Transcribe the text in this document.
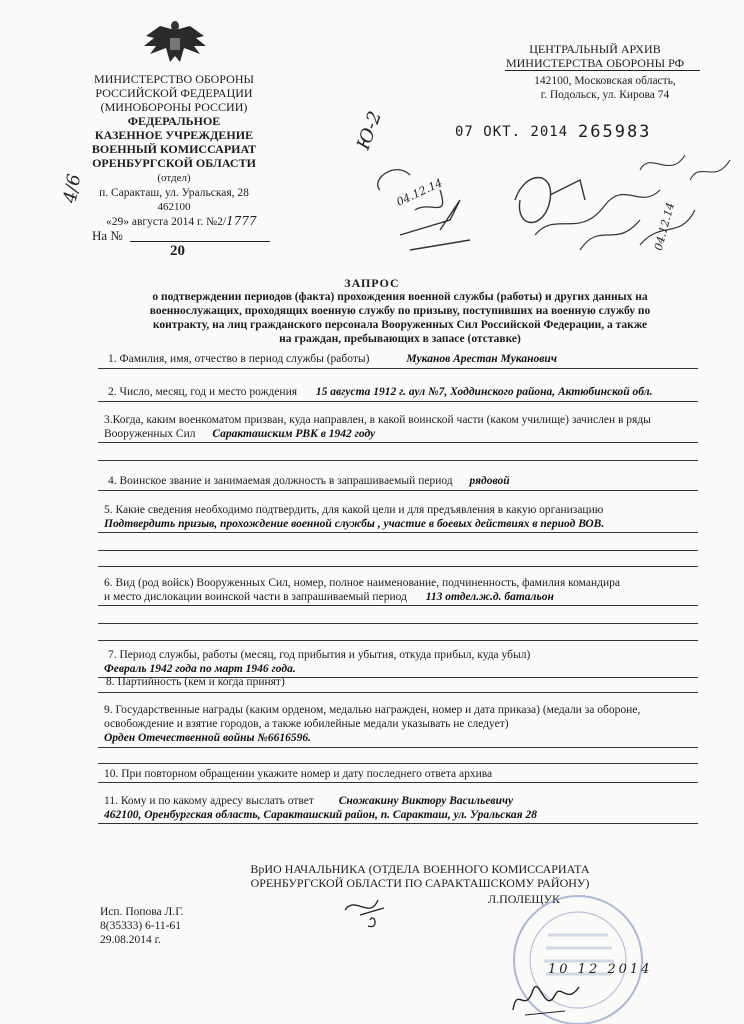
МИНИСТЕРСТВО ОБОРОНЫ
РОССИЙСКОЙ ФЕДЕРАЦИИ
(МИНОБОРОНЫ РОССИИ)
ФЕДЕРАЛЬНОЕ
КАЗЕННОЕ УЧРЕЖДЕНИЕ
ВОЕННЫЙ КОМИССАРИАТ
ОРЕНБУРГСКОЙ ОБЛАСТИ
(отдел)
п. Саракташ, ул. Уральская, 28
462100
«29» августа 2014 г. №2/1777
На №
20
4/6
ЦЕНТРАЛЬНЫЙ АРХИВ
МИНИСТЕРСТВА ОБОРОНЫ РФ
142100, Московская область,
г. Подольск, ул. Кирова 74
07 ОКТ. 2014 265983
Ю-2
04.12.14
04.12.14
ЗАПРОС
о подтверждении периодов (факта) прохождения военной службы (работы) и других данных на
военнослужащих, проходящих военную службу по призыву, поступивших на военную службу по
контракту, на лиц гражданского персонала Вооруженных Сил Российской Федерации, а также
на граждан, пребывающих в запасе (отставке)
1. Фамилия, имя, отчество в период службы (работы)	Муканов Арестан Муканович
2. Число, месяц, год и место рождения 15 августа 1912 г. аул №7, Ходдинского района, Актюбинской обл.
3.Когда, каким военкоматом призван, куда направлен, в какой воинской части (каком училище) зачислен в ряды
Вооруженных Сил Саракташским РВК в 1942 году
4. Воинское звание и занимаемая должность в запрашиваемый период рядовой
5. Какие сведения необходимо подтвердить, для какой цели и для предъявления в какую организацию
Подтвердить призыв, прохождение военной службы , участие в боевых действиях в период ВОВ.
6. Вид (род войск) Вооруженных Сил, номер, полное наименование, подчиненность, фамилия командира
и место дислокации воинской части в запрашиваемый период 113 отдел.ж.д. батальон
7. Период службы, работы (месяц, год прибытия и убытия, откуда прибыл, куда убыл)
Февраль 1942 года по март 1946 года.
8. Партийность (кем и когда принят)
9. Государственные награды (каким орденом, медалью награжден, номер и дата приказа) (медали за обороне,
освобождение и взятие городов, а также юбилейные медали указывать не следует)
Орден Отечественной войны №6616596.
10. При повторном обращении укажите номер и дату последнего ответа архива
11. Кому и по какому адресу выслать ответ Сножакину Виктору Васильевичу
462100, Оренбургская область, Саракташский район, п. Саракташ, ул. Уральская 28
ВрИО НАЧАЛЬНИКА (ОТДЕЛА ВОЕННОГО КОМИССАРИАТА
ОРЕНБУРГСКОЙ ОБЛАСТИ ПО САРАКТАШСКОМУ РАЙОНУ)
Л.ПОЛЕЩУК
Исп. Попова Л.Г.
8(35333) 6-11-61
29.08.2014 г.
10 12 2014
